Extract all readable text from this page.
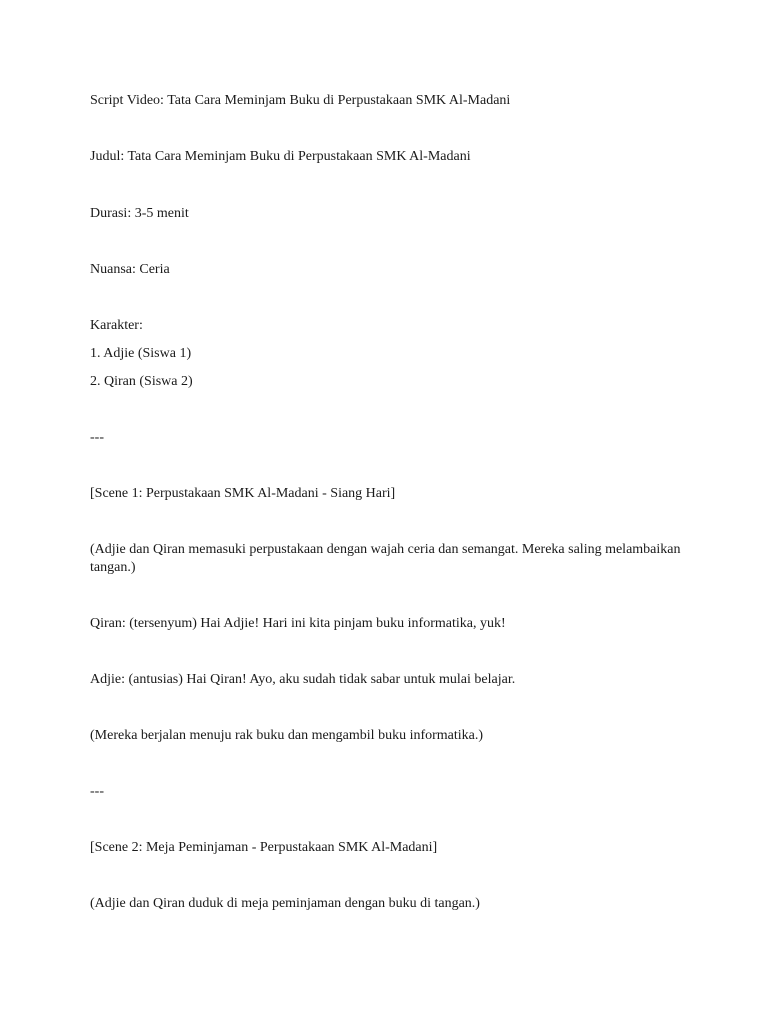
Script Video: Tata Cara Meminjam Buku di Perpustakaan SMK Al-Madani

Judul: Tata Cara Meminjam Buku di Perpustakaan SMK Al-Madani

Durasi: 3-5 menit

Nuansa: Ceria

Karakter:

1. Adjie (Siswa 1)

2. Qiran (Siswa 2)

---

[Scene 1: Perpustakaan SMK Al-Madani - Siang Hari]

(Adjie dan Qiran memasuki perpustakaan dengan wajah ceria dan semangat. Mereka saling melambaikan tangan.)

Qiran: (tersenyum) Hai Adjie! Hari ini kita pinjam buku informatika, yuk!

Adjie: (antusias) Hai Qiran! Ayo, aku sudah tidak sabar untuk mulai belajar.

(Mereka berjalan menuju rak buku dan mengambil buku informatika.)

---

[Scene 2: Meja Peminjaman - Perpustakaan SMK Al-Madani]

(Adjie dan Qiran duduk di meja peminjaman dengan buku di tangan.)
